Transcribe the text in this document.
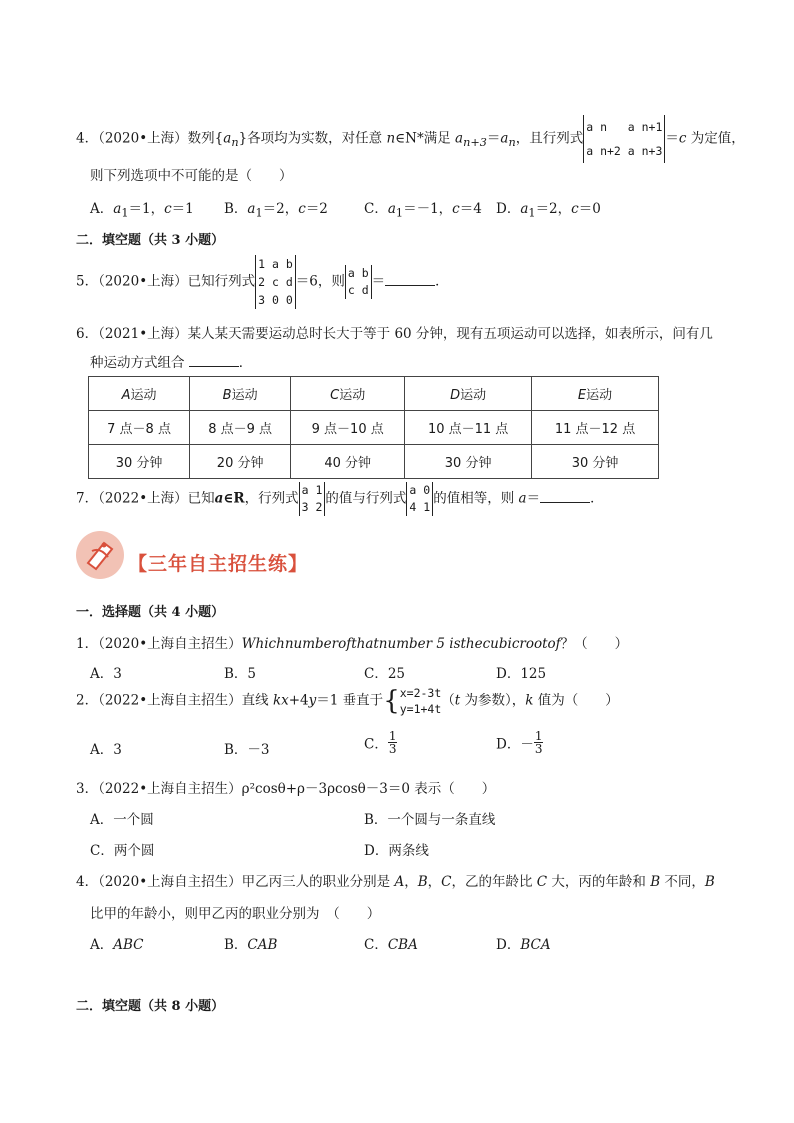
4．（2020•上海）数列$\{a_n\}$各项均为实数，对任意 n∈N*满足 $a_{n+3}=a_n$，且行列式
a n   a n+1
a n+2 a n+3
＝c 为定值，
则下列选项中不可能的是（　　）
A．$a_1=1$，c＝1 B．$a_1=2$，c＝2	C．$a_1=-1$，c＝4 D．$a_1=2$，c＝0
二．填空题（共 3 小题）
5．（2020•上海）已知行列式
1 a b
2 c d
3 0 0
＝6，则
a b
c d
＝	．
6．（2021•上海）某人某天需要运动总时长大于等于 60 分钟，现有五项运动可以选择，如表所示，问有几
种运动方式组合	．
A运动	B运动	C运动	D运动	E运动
7 点－8 点	8 点－9 点	9 点－10 点	10 点－11 点	11 点－12 点
30 分钟	20 分钟	40 分钟	30 分钟	30 分钟
7．（2022•上海）已知a∈R，行列式
a 1
3 2
的值与行列式
a 0
4 1
的值相等，则 a＝	．
【三年自主招生练】
一．选择题（共 4 小题）
1．（2020•上海自主招生）Whichnumberofthatnumber 5 isthecubicrootof？（　　）
A．3	B．5	C．25	D．125
2．（2022•上海自主招生）直线 kx+4y＝1 垂直于{ x=2-3t
y=1+4t
（t 为参数），k 值为（　　）
A．3	B．－3	C． $\frac{1}{3}$	D．－ $\frac{1}{3}$
3．（2022•上海自主招生）ρ²cosθ+ρ－3ρcosθ－3＝0 表示（　　）
A．一个圆	B．一个圆与一条直线
C．两个圆	D．两条线
4．（2020•上海自主招生）甲乙丙三人的职业分别是 A，B，C，乙的年龄比 C 大，丙的年龄和 B 不同，B
比甲的年龄小，则甲乙丙的职业分别为　（　　）
A．ABC	B．CAB	C．CBA	D．BCA
二．填空题（共 8 小题）
